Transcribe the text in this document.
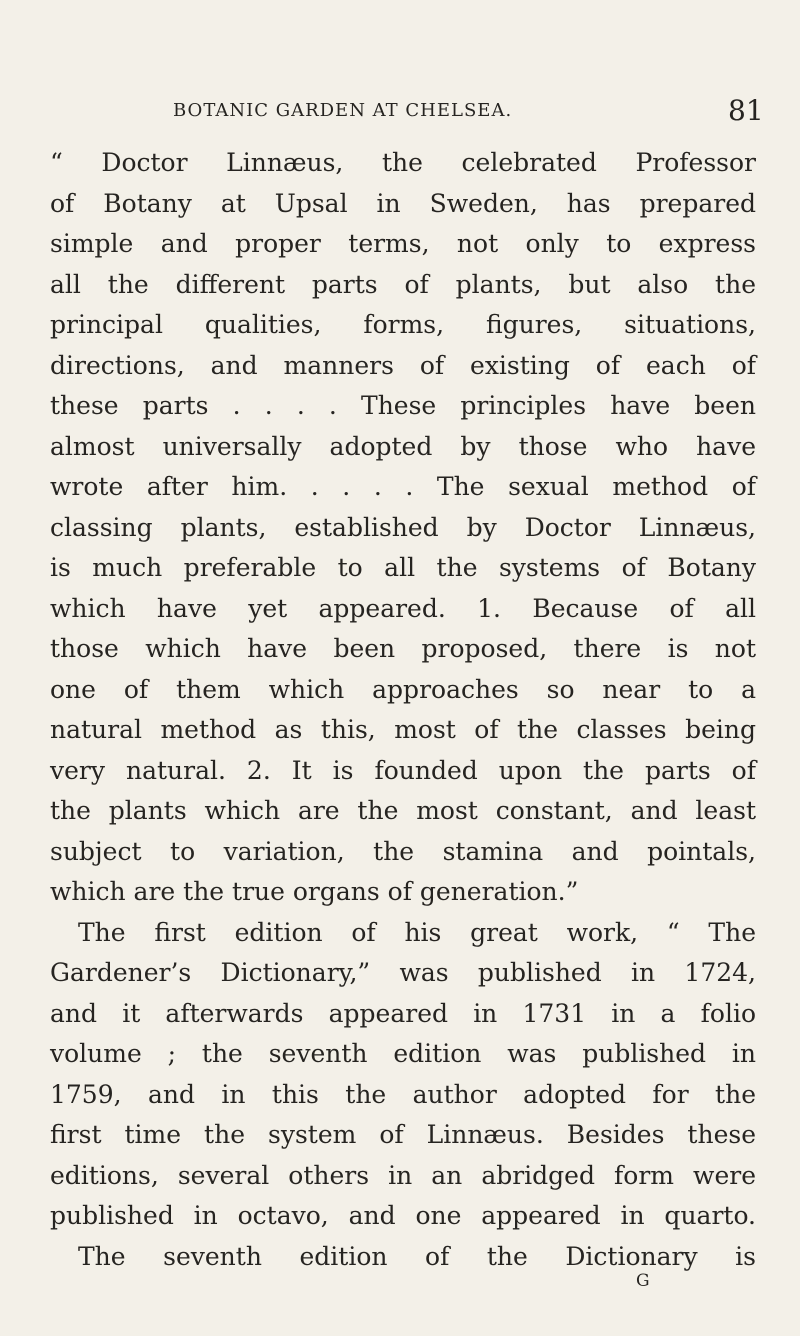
BOTANIC GARDEN AT CHELSEA.	81
“ Doctor Linnæus, the celebrated Professor
of Botany at Upsal in Sweden, has prepared
simple and proper terms, not only to express
all the different parts of plants, but also the
principal qualities, forms, figures, situations,
directions, and manners of existing of each of
these parts . . . . These principles have been
almost universally adopted by those who have
wrote after him. . . . . The sexual method of
classing plants, established by Doctor Linnæus,
is much preferable to all the systems of Botany
which have yet appeared. 1. Because of all
those which have been proposed, there is not
one of them which approaches so near to a
natural method as this, most of the classes being
very natural. 2. It is founded upon the parts of
the plants which are the most constant, and least
subject to variation, the stamina and pointals,
which are the true organs of generation.”
The first edition of his great work, “ The
Gardener’s Dictionary,” was published in 1724,
and it afterwards appeared in 1731 in a folio
volume ; the seventh edition was published in
1759, and in this the author adopted for the
first time the system of Linnæus. Besides these
editions, several others in an abridged form were
published in octavo, and one appeared in quarto.
The seventh edition of the Dictionary is
G
